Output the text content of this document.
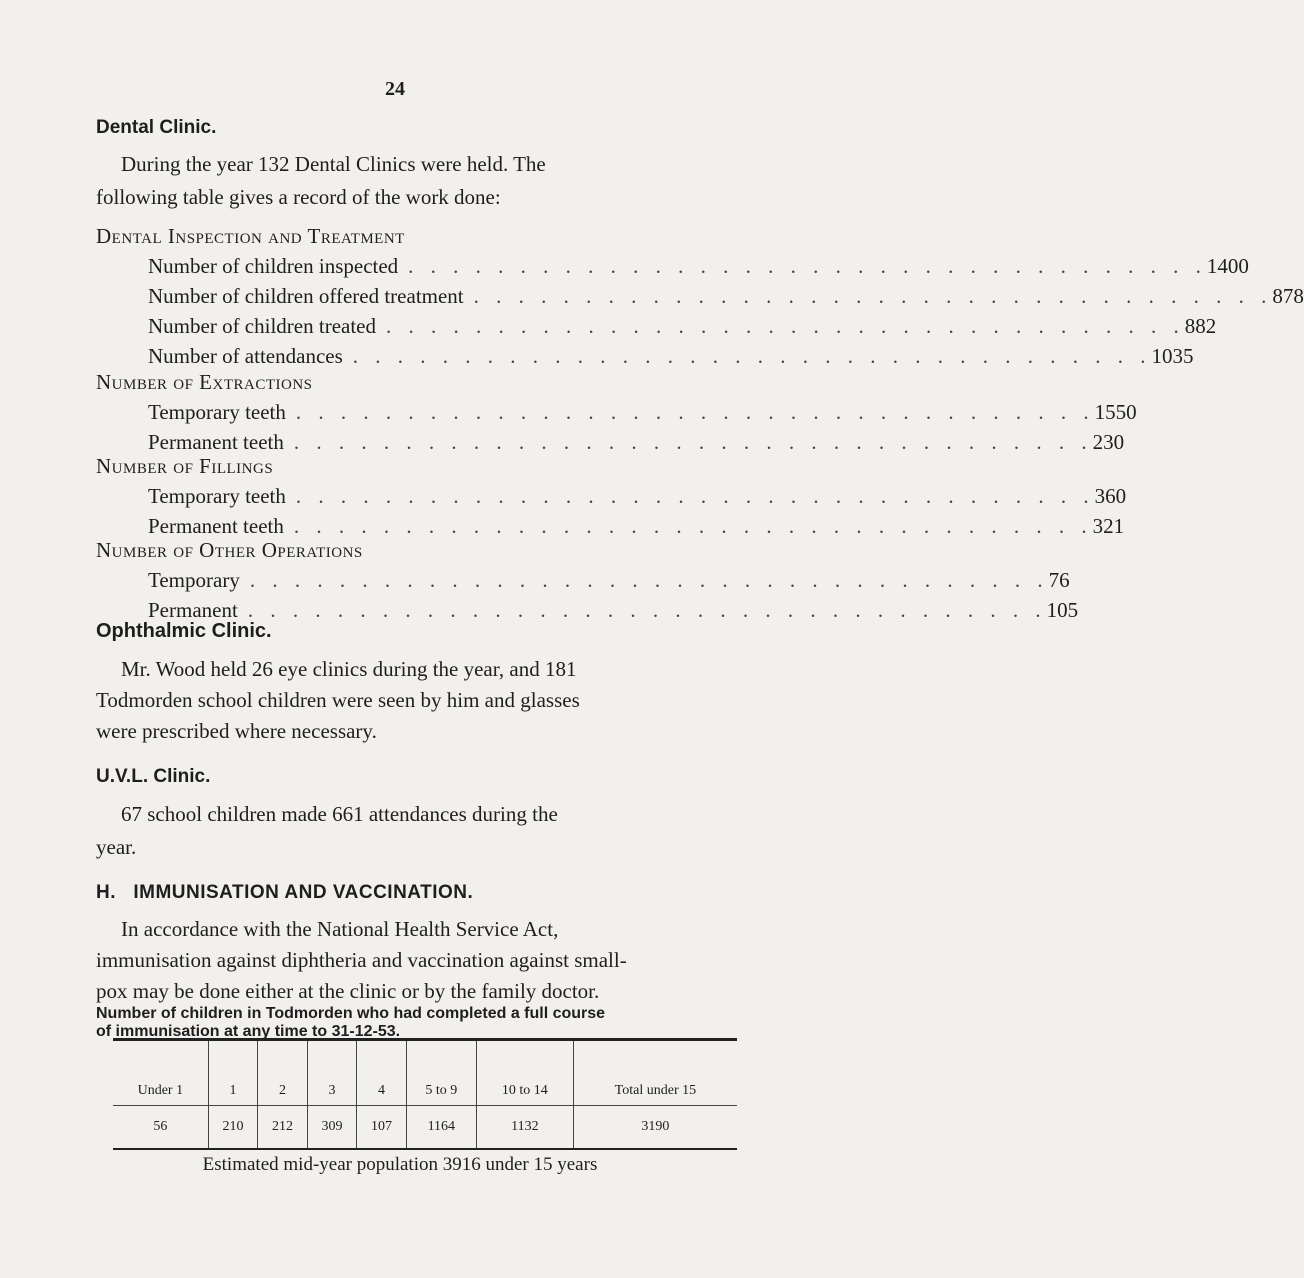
24
Dental Clinic.
During the year 132 Dental Clinics were held. The
following table gives a record of the work done:
Dental Inspection and Treatment
Number of children inspected . . . . . . . . . . . . . . . . . . . . . . . . . . . . . . . . . . . . 1400
Number of children offered treatment . . . . . . . . . . . . . . . . . . . . . . . . . . . . . . . . . . . . 878
Number of children treated . . . . . . . . . . . . . . . . . . . . . . . . . . . . . . . . . . . . 882
Number of attendances . . . . . . . . . . . . . . . . . . . . . . . . . . . . . . . . . . . . 1035
Number of Extractions
Temporary teeth . . . . . . . . . . . . . . . . . . . . . . . . . . . . . . . . . . . . 1550
Permanent teeth . . . . . . . . . . . . . . . . . . . . . . . . . . . . . . . . . . . . 230
Number of Fillings
Temporary teeth . . . . . . . . . . . . . . . . . . . . . . . . . . . . . . . . . . . . 360
Permanent teeth . . . . . . . . . . . . . . . . . . . . . . . . . . . . . . . . . . . . 321
Number of Other Operations
Temporary . . . . . . . . . . . . . . . . . . . . . . . . . . . . . . . . . . . . 76
Permanent . . . . . . . . . . . . . . . . . . . . . . . . . . . . . . . . . . . . 105
Ophthalmic Clinic.
Mr. Wood held 26 eye clinics during the year, and 181
Todmorden school children were seen by him and glasses
were prescribed where necessary.
U.V.L. Clinic.
67 school children made 661 attendances during the
year.
H.   IMMUNISATION AND VACCINATION.
In accordance with the National Health Service Act,
immunisation against diphtheria and vaccination against small-
pox may be done either at the clinic or by the family doctor.
Number of children in Todmorden who had completed a full course
of immunisation at any time to 31-12-53.
Under 1	1	2	3	4	5 to 9	10 to 14	Total under 15
56	210	212	309	107	1164	1132	3190
Estimated mid-year population 3916 under 15 years
